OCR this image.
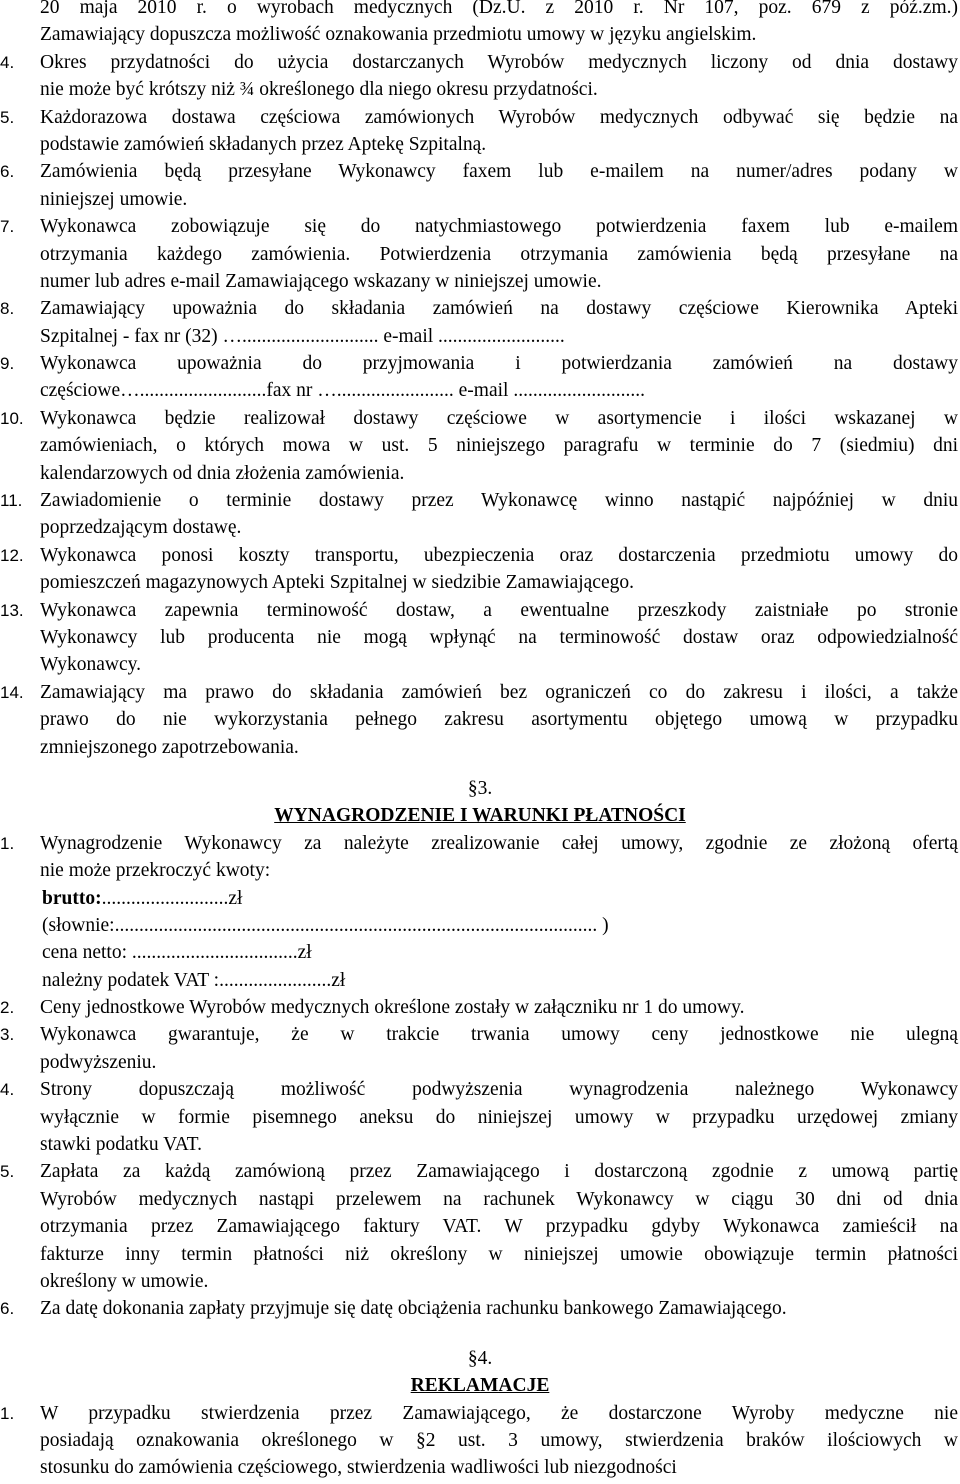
20 maja 2010 r. o wyrobach medycznych (Dz.U. z 2010 r. Nr 107, poz. 679 z póź.zm.)
Zamawiający dopuszcza możliwość oznakowania przedmiotu umowy w języku angielskim.
4.	Okres przydatności do użycia dostarczanych Wyrobów medycznych liczony od dnia dostawy
nie może być krótszy niż ¾ określonego dla niego okresu przydatności.
5.	Każdorazowa dostawa częściowa zamówionych Wyrobów medycznych odbywać się będzie na
podstawie zamówień składanych przez Aptekę Szpitalną.
6.	Zamówienia będą przesyłane Wykonawcy faxem lub e-mailem na numer/adres podany w
niniejszej umowie.
7.	Wykonawca zobowiązuje się do natychmiastowego potwierdzenia faxem lub e-mailem
otrzymania każdego zamówienia. Potwierdzenia otrzymania zamówienia będą przesyłane na
numer lub adres e-mail Zamawiającego wskazany w niniejszej umowie.
8.	Zamawiający upoważnia do składania zamówień na dostawy częściowe Kierownika Apteki
Szpitalnej - fax nr (32) …............................ e-mail ..........................
9.	Wykonawca upoważnia do przyjmowania i potwierdzania zamówień na dostawy
częściowe…..........................fax nr …........................ e-mail ...........................
10. Wykonawca będzie realizował dostawy częściowe w asortymencie i ilości wskazanej w
zamówieniach, o których mowa w ust. 5 niniejszego paragrafu w terminie do 7 (siedmiu) dni
kalendarzowych od dnia złożenia zamówienia.
11. Zawiadomienie o terminie dostawy przez Wykonawcę winno nastąpić najpóźniej w dniu
poprzedzającym dostawę.
12. Wykonawca ponosi koszty transportu, ubezpieczenia oraz dostarczenia przedmiotu umowy do
pomieszczeń magazynowych Apteki Szpitalnej w siedzibie Zamawiającego.
13. Wykonawca zapewnia terminowość dostaw, a ewentualne przeszkody zaistniałe po stronie
Wykonawcy lub producenta nie mogą wpłynąć na terminowość dostaw oraz odpowiedzialność
Wykonawcy.
14. Zamawiający ma prawo do składania zamówień bez ograniczeń co do zakresu i ilości, a także
prawo do nie wykorzystania pełnego zakresu asortymentu objętego umową w przypadku
zmniejszonego zapotrzebowania.
§3.
WYNAGRODZENIE I WARUNKI PŁATNOŚCI
1.	Wynagrodzenie Wykonawcy za należyte zrealizowanie całej umowy, zgodnie ze złożoną ofertą
nie może przekroczyć kwoty:
brutto:..........................zł
(słownie:................................................................................................... )
cena netto: ..................................zł
należny podatek VAT :.......................zł
2.	Ceny jednostkowe Wyrobów medycznych określone zostały w załączniku nr 1 do umowy.
3.	Wykonawca gwarantuje, że w trakcie trwania umowy ceny jednostkowe nie ulegną
podwyższeniu.
4.	Strony dopuszczają możliwość podwyższenia wynagrodzenia należnego Wykonawcy
wyłącznie w formie pisemnego aneksu do niniejszej umowy w przypadku urzędowej zmiany
stawki podatku VAT.
5.	Zapłata za każdą zamówioną przez Zamawiającego i dostarczoną zgodnie z umową partię
Wyrobów medycznych nastąpi przelewem na rachunek Wykonawcy w ciągu 30 dni od dnia
otrzymania przez Zamawiającego faktury VAT. W przypadku gdyby Wykonawca zamieścił na
fakturze inny termin płatności niż określony w niniejszej umowie obowiązuje termin płatności
określony w umowie.
6.	Za datę dokonania zapłaty przyjmuje się datę obciążenia rachunku bankowego Zamawiającego.
§4.
REKLAMACJE
1.	W przypadku stwierdzenia przez Zamawiającego, że dostarczone Wyroby medyczne nie
posiadają oznakowania określonego w §2 ust. 3 umowy, stwierdzenia braków ilościowych w
stosunku do zamówienia częściowego, stwierdzenia wadliwości lub niezgodności
